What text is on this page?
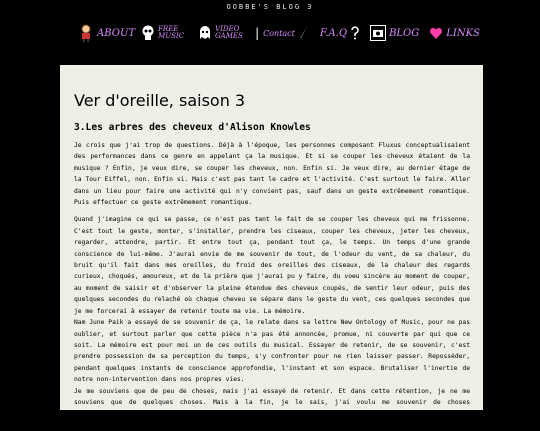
OOBBE'S BLOG 3
ABOUT	FREE MUSIC
VIDEO GAMES	| Contact	F.A.Q	BLOG	LINKS
Ver d'oreille, saison 3
3.Les arbres des cheveux d'Alison Knowles

Je crois que j'ai trop de questions. Déjà à l'époque, les personnes composant Fluxus conceptualisaient des performances dans ce genre en appelant ça la musique. Et si se couper les cheveux étaient de la musique ? Enfin, je veux dire, se couper les cheveux, non. Enfin si. Je veux dire, au dernier étage de la Tour Eiffel, non. Enfin si. Mais c'est pas tant le cadre et l'activité. C'est surtout le faire. Aller dans un lieu pour faire une activité qui n'y convient pas, sauf dans un geste extrêmement romantique. Puis effectuer ce geste extrêmement romantique.

Quand j'imagine ce qui se passe, ce n'est pas tant le fait de se couper les cheveux qui me frissonne. C'est tout le geste, monter, s'installer, prendre les ciseaux, couper les cheveux, jeter les cheveux, regarder, attendre, partir. Et entre tout ça, pendant tout ça, le temps. Un temps d'une grande conscience de lui-même. J'aurai envie de me souvenir de tout, de l'odeur du vent, de sa chaleur, du bruit qu'il fait dans mes oreilles, du froid des oreilles des ciseaux, de la chaleur des regards curieux, choqués, amoureux, et de la prière que j'aurai pu y faire, du voeu sincère au moment de couper, au moment de saisir et d'observer la pleine étendue des cheveux coupés, de sentir leur odeur, puis des quelques secondes du relaché où chaque cheveu se sépare dans le geste du vent, ces quelques secondes que je me forcerai à essayer de retenir toute ma vie. La mémoire.

Nam June Paik a essayé de se souvenir de ça, le relate dans sa lettre New Ontology of Music, pour ne pas oublier, et surtout parler que cette pièce n'a pas été annoncée, promue, ni couverte par qui que ce soit. La mémoire est pour moi un de ces outils du musical. Essayer de retenir, de se souvenir, c'est prendre possession de sa perception du temps, s'y confronter pour ne rien laisser passer. Reposséder, pendant quelques instants de conscience approfondie, l'instant et son espace. Brutaliser l'inertie de notre non-intervention dans nos propres vies.

Je me souviens que de peu de choses, mais j'ai essayé de retenir. Et dans cette rétention, je ne me souviens que de quelques choses. Mais à la fin, je le sais, j'ai voulu me souvenir de choses d'importance. Du haut de la Tour Eiffel, en 1963 qu'une drôle d'idée. En quelques secondes, ce frémissement se délia tout
